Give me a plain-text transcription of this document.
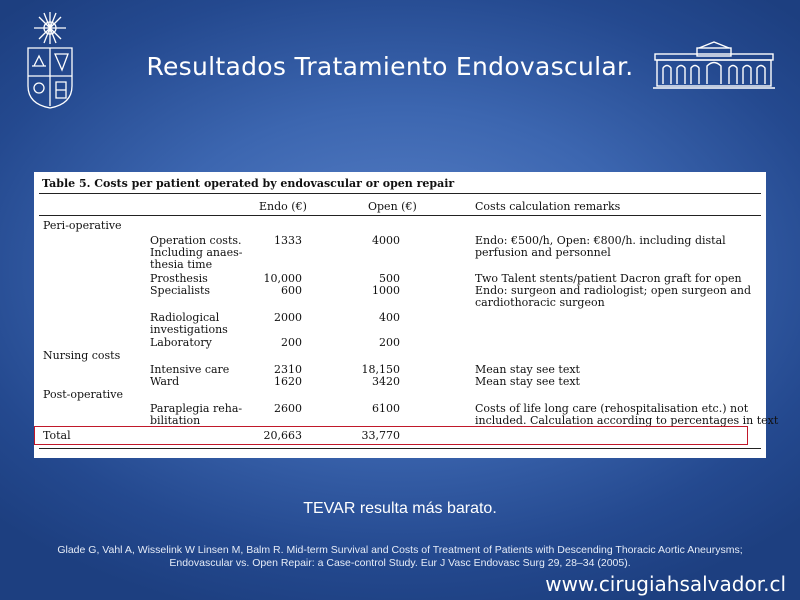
Resultados Tratamiento Endovascular.
Table 5. Costs per patient operated by endovascular or open repair
Endo (€)	Open (€)	Costs calculation remarks
Peri-operative
Operation costs.
Including anaes-
thesia time
1333	4000	Endo: €500/h, Open: €800/h. including distal
perfusion and personnel
Prosthesis	10,000	500	Two Talent stents/patient Dacron graft for open
Specialists	600	1000	Endo: surgeon and radiologist; open surgeon and
cardiothoracic surgeon
Radiological
investigations
2000	400
Laboratory	200	200
Nursing costs
Intensive care	2310	18,150	Mean stay see text
Ward	1620	3420	Mean stay see text
Post-operative
Paraplegia reha-
bilitation
2600	6100	Costs of life long care (rehospitalisation etc.) not
included. Calculation according to percentages in text
Total	20,663	33,770
TEVAR resulta más barato.
Glade G, Vahl A, Wisselink W Linsen M, Balm R. Mid-term Survival and Costs of Treatment of Patients with Descending Thoracic Aortic Aneurysms;
Endovascular vs. Open Repair: a Case-control Study. Eur J Vasc Endovasc Surg 29, 28–34 (2005).
www.cirugiahsalvador.cl
